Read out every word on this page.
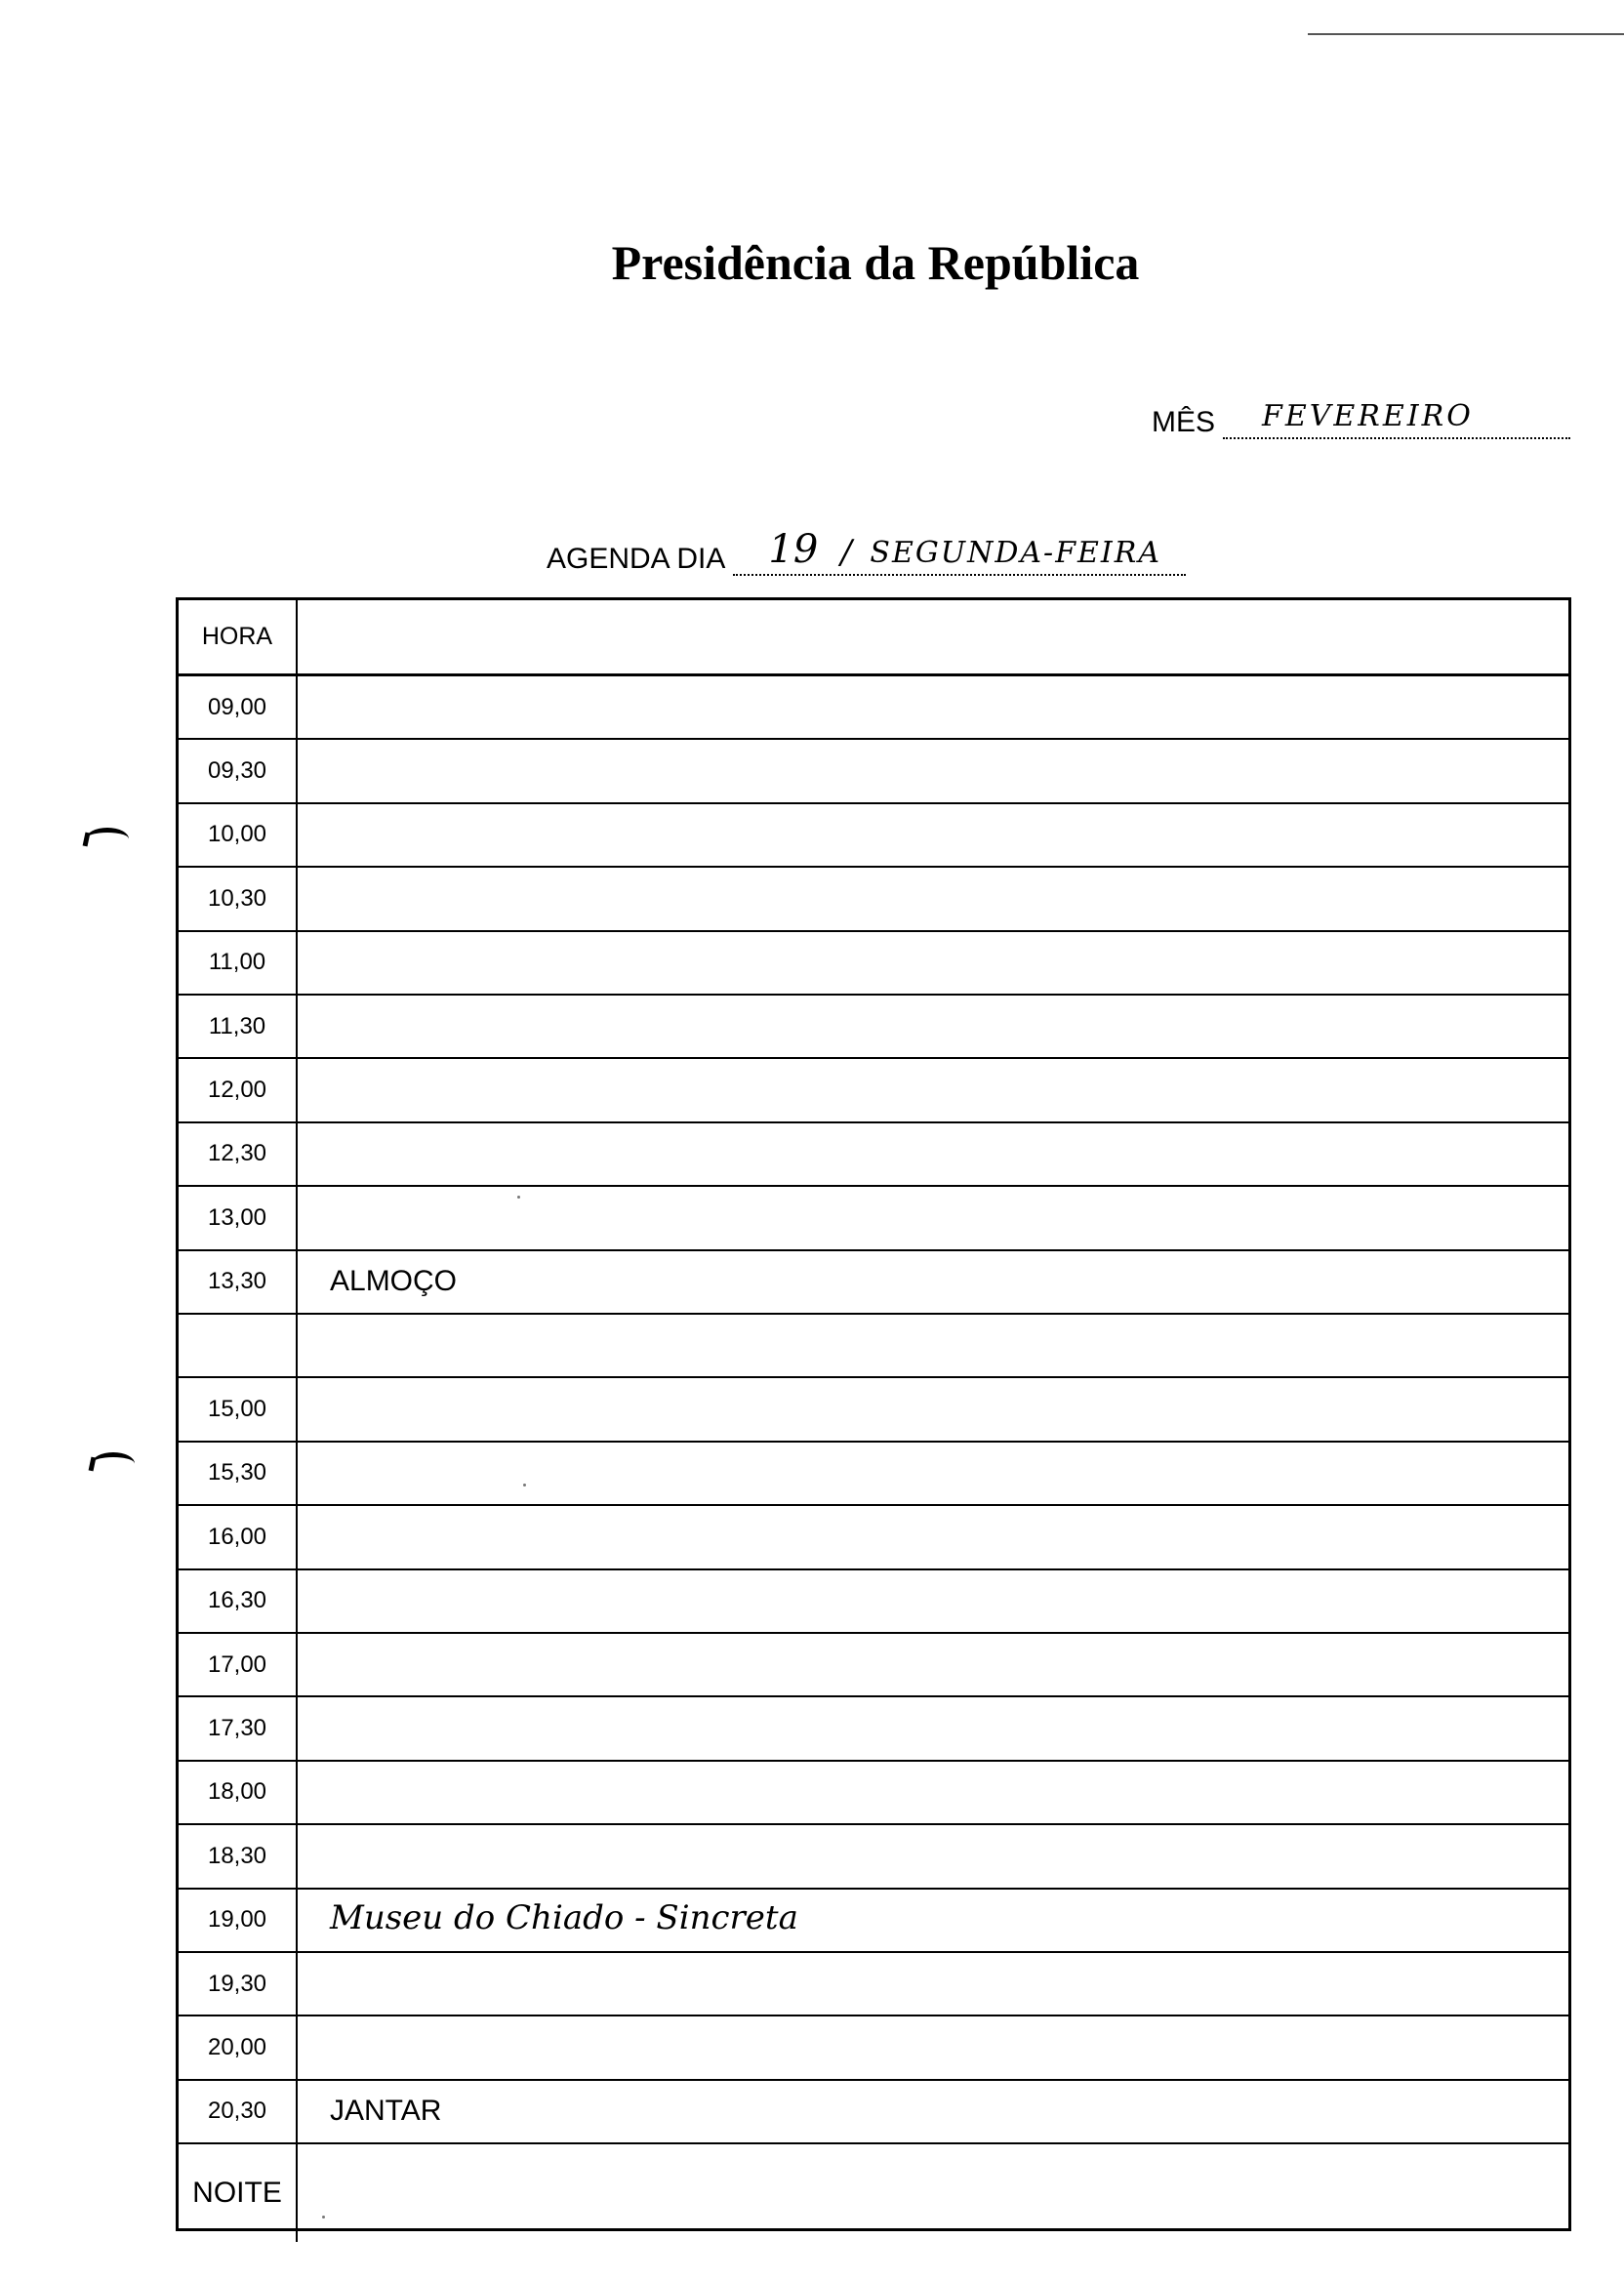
Presidência da República
MÊS FEVEREIRO
AGENDA DIA 19 / SEGUNDA-FEIRA
HORA
09,00
09,30
10,00
10,30
11,00
11,30
12,00
12,30
13,00
13,30	ALMOÇO
15,00
15,30
16,00
16,30
17,00
17,30
18,00
18,30
19,00	Museu do Chiado - Sincreta
19,30
20,00
20,30	JANTAR
NOITE
